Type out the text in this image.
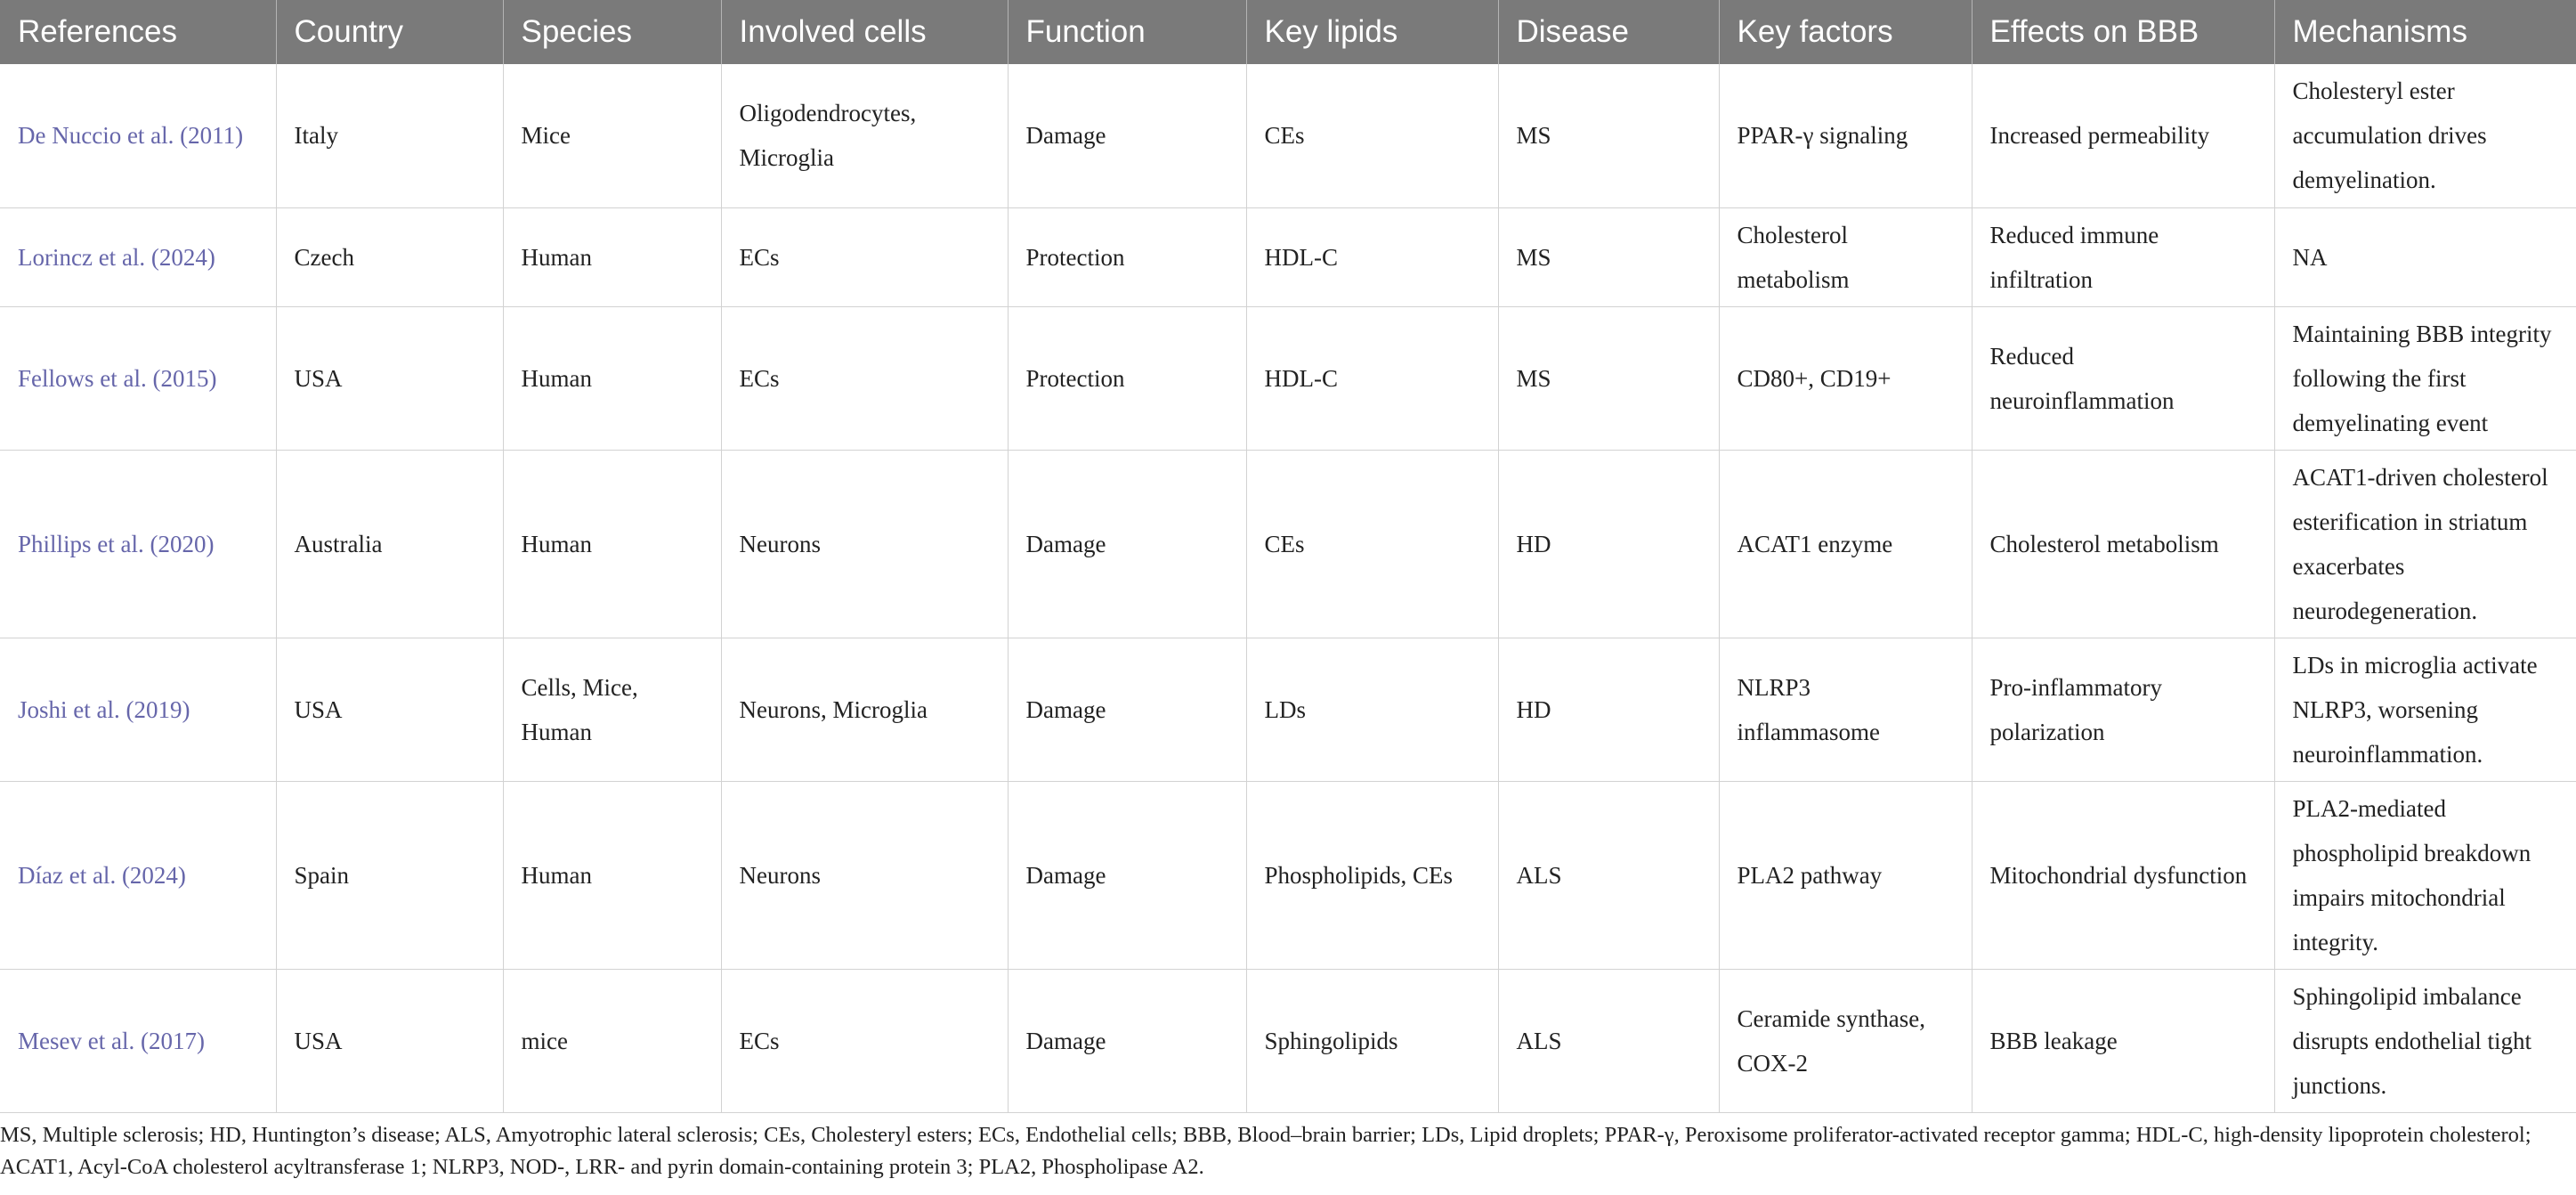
References	Country	Species	Involved cells	Function	Key lipids	Disease	Key factors	Effects on BBB	Mechanisms
De Nuccio et al. (2011)	Italy	Mice	Oligodendrocytes, Microglia	Damage	CEs	MS	PPAR-γ signaling	Increased permeability	Cholesteryl ester accumulation drives demyelination.
Lorincz et al. (2024)	Czech	Human	ECs	Protection	HDL-C	MS	Cholesterol metabolism	Reduced immune infiltration	NA
Fellows et al. (2015)	USA	Human	ECs	Protection	HDL-C	MS	CD80+, CD19+	Reduced neuroinflammation	Maintaining BBB integrity following the first demyelinating event
Phillips et al. (2020)	Australia	Human	Neurons	Damage	CEs	HD	ACAT1 enzyme	Cholesterol metabolism	ACAT1-driven cholesterol esterification in striatum exacerbates neurodegeneration.
Joshi et al. (2019)	USA	Cells, Mice, Human	Neurons, Microglia	Damage	LDs	HD	NLRP3 inflammasome	Pro-inflammatory polarization	LDs in microglia activate NLRP3, worsening neuroinflammation.
Díaz et al. (2024)	Spain	Human	Neurons	Damage	Phospholipids, CEs	ALS	PLA2 pathway	Mitochondrial dysfunction	PLA2-mediated phospholipid breakdown impairs mitochondrial integrity.
Mesev et al. (2017)	USA	mice	ECs	Damage	Sphingolipids	ALS	Ceramide synthase, COX-2	BBB leakage	Sphingolipid imbalance disrupts endothelial tight junctions.
MS, Multiple sclerosis; HD, Huntington’s disease; ALS, Amyotrophic lateral sclerosis; CEs, Cholesteryl esters; ECs, Endothelial cells; BBB, Blood–brain barrier; LDs, Lipid droplets; PPAR-γ, Peroxisome proliferator-activated receptor gamma; HDL-C, high-density lipoprotein cholesterol; ACAT1, Acyl-CoA cholesterol acyltransferase 1; NLRP3, NOD-, LRR- and pyrin domain-containing protein 3; PLA2, Phospholipase A2.
